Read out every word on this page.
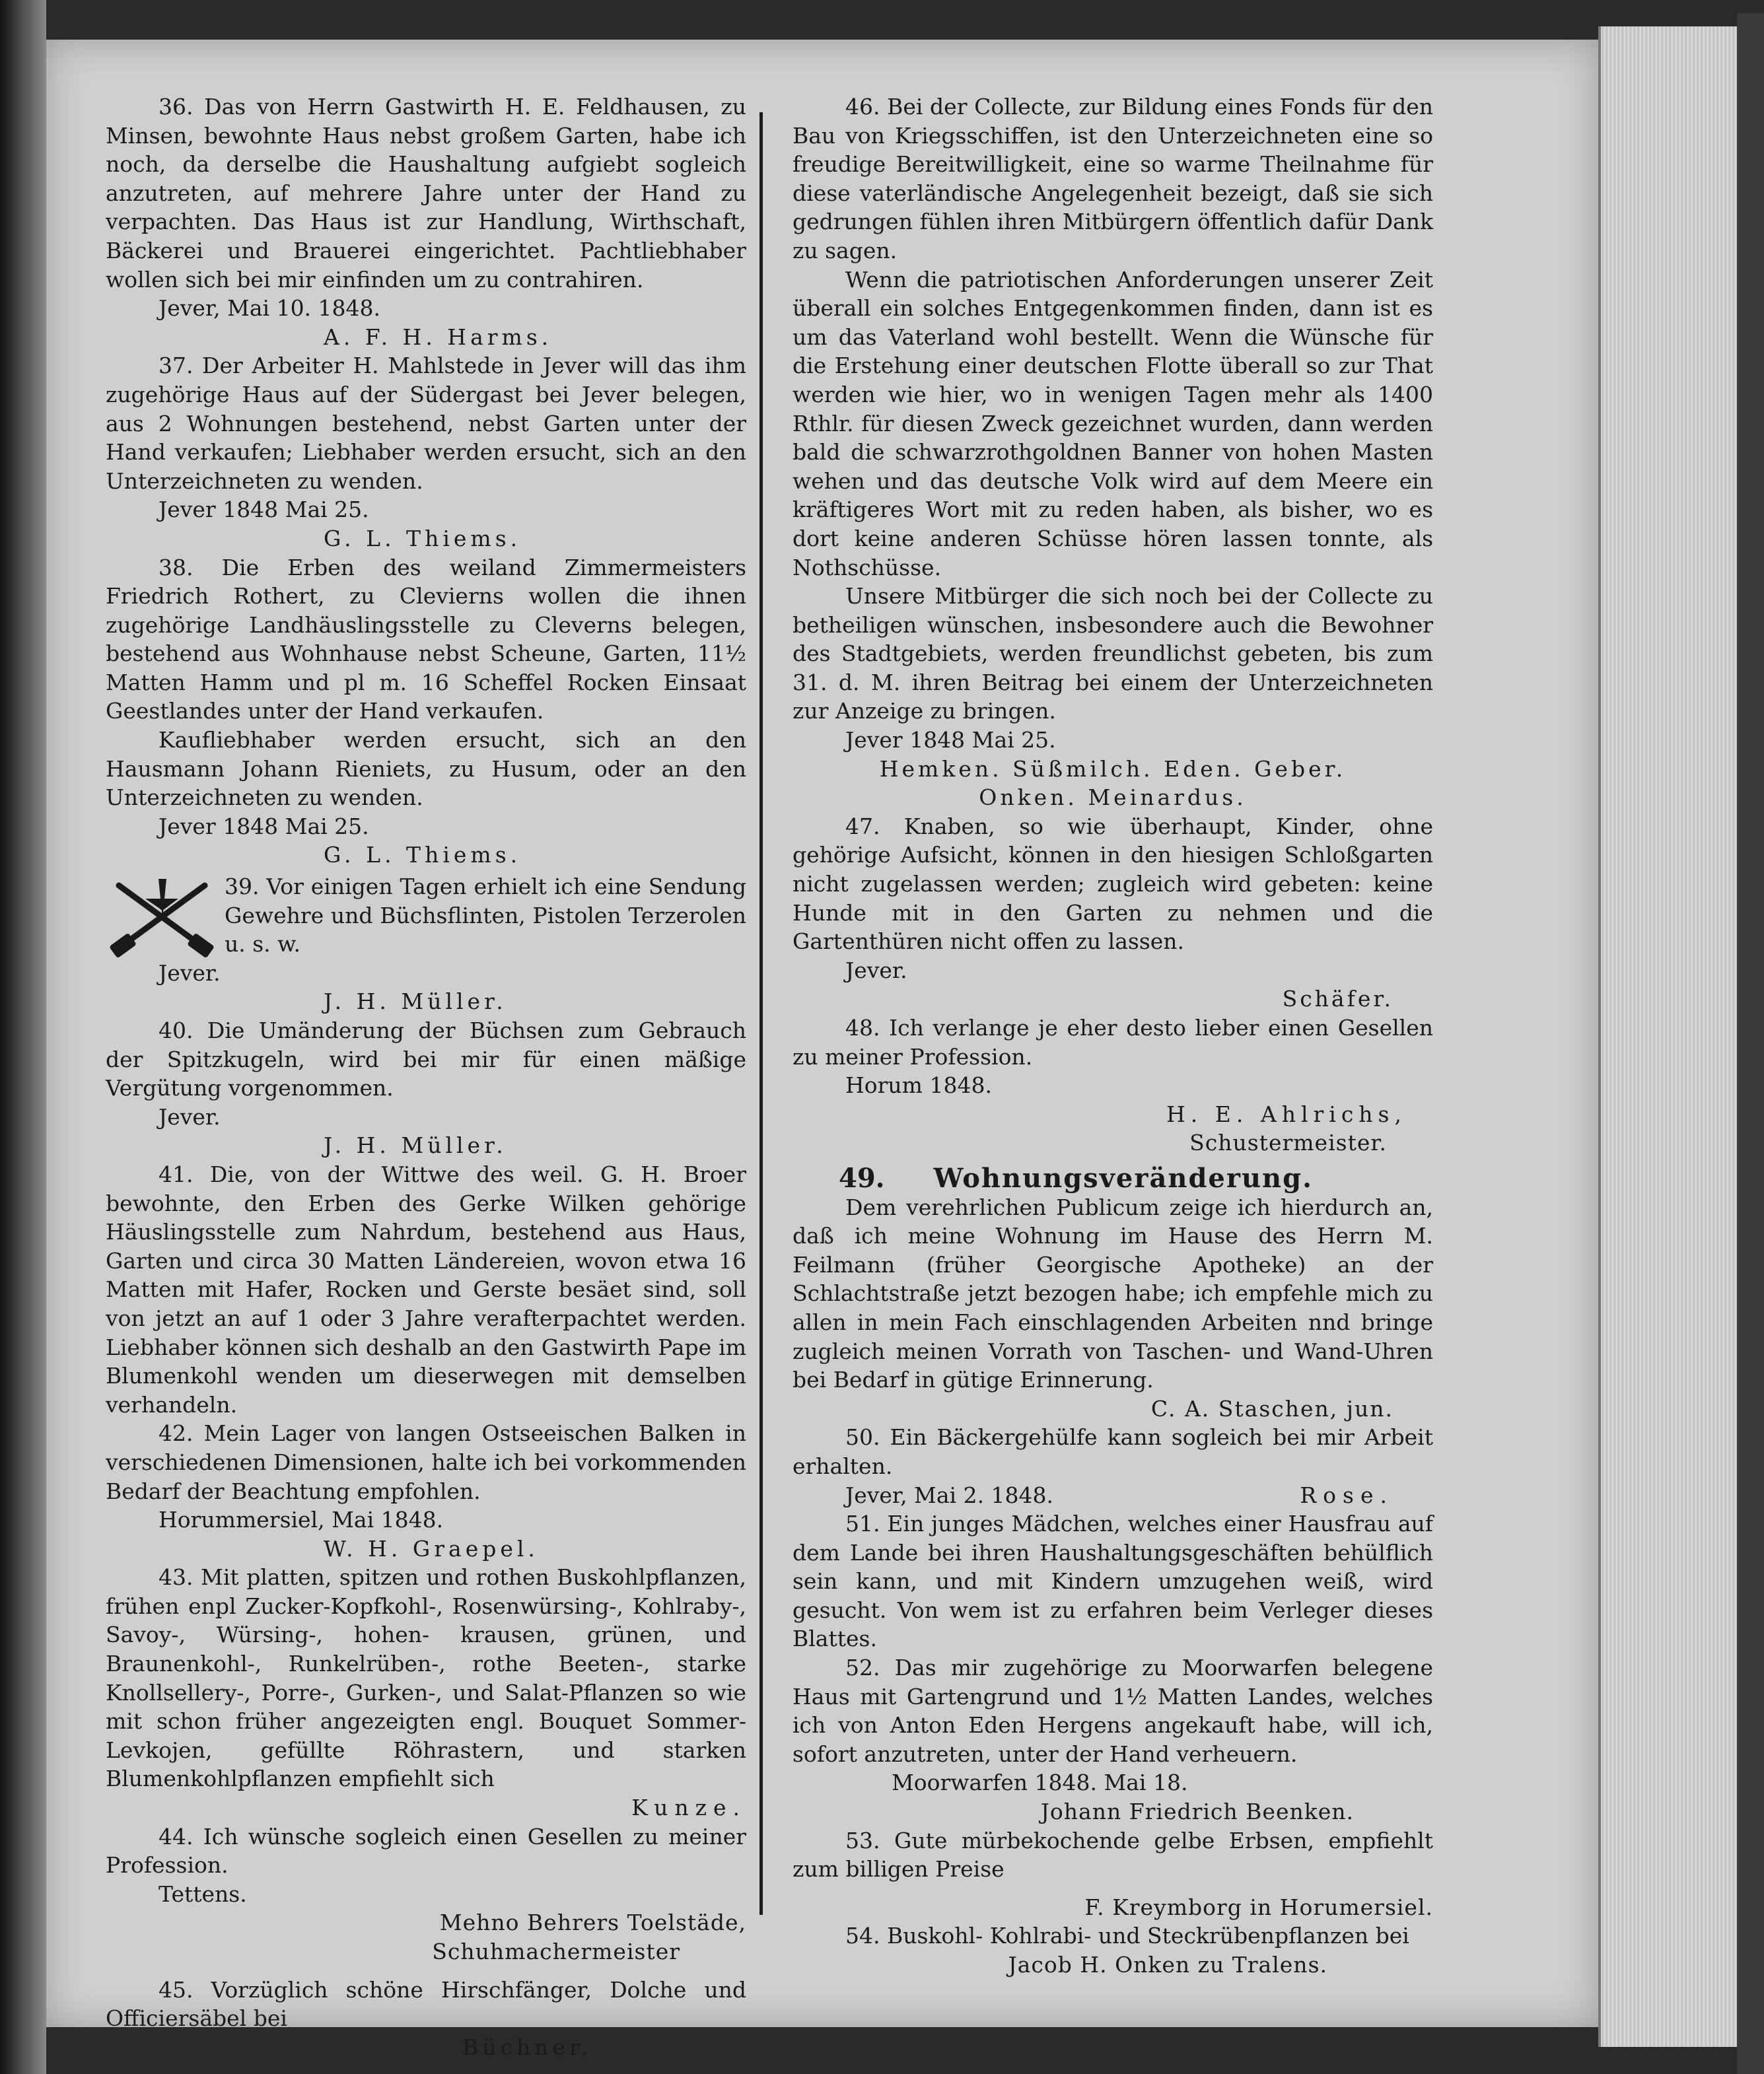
36. Das von Herrn Gastwirth H. E. Feldhausen, zu Minsen, bewohnte Haus nebst großem Garten, habe ich noch, da derselbe die Haushaltung aufgiebt sogleich anzutreten, auf mehrere Jahre unter der Hand zu verpachten. Das Haus ist zur Handlung, Wirthschaft, Bäckerei und Brauerei eingerichtet. Pachtliebhaber wollen sich bei mir einfinden um zu contrahiren.

Jever, Mai 10. 1848.

A. F. H. Harms.

37. Der Arbeiter H. Mahlstede in Jever will das ihm zugehörige Haus auf der Südergast bei Jever belegen, aus 2 Wohnungen bestehend, nebst Garten unter der Hand verkaufen; Liebhaber werden ersucht, sich an den Unterzeichneten zu wenden.

Jever 1848 Mai 25.

G. L. Thiems.

38. Die Erben des weiland Zimmermeisters Friedrich Rothert, zu Clevierns wollen die ihnen zugehörige Landhäuslingsstelle zu Cleverns belegen, bestehend aus Wohnhause nebst Scheune, Garten, 11½ Matten Hamm und pl m. 16 Scheffel Rocken Einsaat Geestlandes unter der Hand verkaufen.

Kaufliebhaber werden ersucht, sich an den Hausmann Johann Rieniets, zu Husum, oder an den Unterzeichneten zu wenden.

Jever 1848 Mai 25.

G. L. Thiems.

39. Vor einigen Tagen erhielt ich eine Sendung Gewehre und Büchsflinten, Pistolen Terzerolen u. s. w.

Jever.

J. H. Müller.

40. Die Umänderung der Büchsen zum Gebrauch der Spitzkugeln, wird bei mir für einen mäßige Vergütung vorgenommen.

Jever.

J. H. Müller.

41. Die, von der Wittwe des weil. G. H. Broer bewohnte, den Erben des Gerke Wilken gehörige Häuslingsstelle zum Nahrdum, bestehend aus Haus, Garten und circa 30 Matten Ländereien, wovon etwa 16 Matten mit Hafer, Rocken und Gerste besäet sind, soll von jetzt an auf 1 oder 3 Jahre verafterpachtet werden. Liebhaber können sich deshalb an den Gastwirth Pape im Blumenkohl wenden um dieserwegen mit demselben verhandeln.

42. Mein Lager von langen Ostseeischen Balken in verschiedenen Dimensionen, halte ich bei vorkommenden Bedarf der Beachtung empfohlen.

Horummersiel, Mai 1848.

W. H. Graepel.

43. Mit platten, spitzen und rothen Buskohlpflanzen, frühen enpl Zucker-Kopfkohl-, Rosenwürsing-, Kohlraby-, Savoy-, Würsing-, hohen- krausen, grünen, und Braunenkohl-, Runkelrüben-, rothe Beeten-, starke Knollsellery-, Porre-, Gurken-, und Salat-Pflanzen so wie mit schon früher angezeigten engl. Bouquet Sommer-Levkojen, gefüllte Röhrastern, und starken Blumenkohlpflanzen empfiehlt sich

Kunze.

44. Ich wünsche sogleich einen Gesellen zu meiner Profession.

Tettens.

Mehno Behrers Toelstäde,

Schuhmachermeister

45. Vorzüglich schöne Hirschfänger, Dolche und Officiersäbel bei

Büchner.

46. Bei der Collecte, zur Bildung eines Fonds für den Bau von Kriegsschiffen, ist den Unterzeichneten eine so freudige Bereitwilligkeit, eine so warme Theilnahme für diese vaterländische Angelegenheit bezeigt, daß sie sich gedrungen fühlen ihren Mitbürgern öffentlich dafür Dank zu sagen.

Wenn die patriotischen Anforderungen unserer Zeit überall ein solches Entgegenkommen finden, dann ist es um das Vaterland wohl bestellt. Wenn die Wünsche für die Erstehung einer deutschen Flotte überall so zur That werden wie hier, wo in wenigen Tagen mehr als 1400 Rthlr. für diesen Zweck gezeichnet wurden, dann werden bald die schwarzrothgoldnen Banner von hohen Masten wehen und das deutsche Volk wird auf dem Meere ein kräftigeres Wort mit zu reden haben, als bisher, wo es dort keine anderen Schüsse hören lassen tonnte, als Nothschüsse.

Unsere Mitbürger die sich noch bei der Collecte zu betheiligen wünschen, insbesondere auch die Bewohner des Stadtgebiets, werden freundlichst gebeten, bis zum 31. d. M. ihren Beitrag bei einem der Unterzeichneten zur Anzeige zu bringen.

Jever 1848 Mai 25.

Hemken. Süßmilch. Eden. Geber.

Onken. Meinardus.

47. Knaben, so wie überhaupt, Kinder, ohne gehörige Aufsicht, können in den hiesigen Schloßgarten nicht zugelassen werden; zugleich wird gebeten: keine Hunde mit in den Garten zu nehmen und die Gartenthüren nicht offen zu lassen.

Jever.

Schäfer.

48. Ich verlange je eher desto lieber einen Gesellen zu meiner Profession.

Horum 1848.

H. E. Ahlrichs,

Schustermeister.

49. Wohnungsveränderung.

Dem verehrlichen Publicum zeige ich hierdurch an, daß ich meine Wohnung im Hause des Herrn M. Feilmann (früher Georgische Apotheke) an der Schlachtstraße jetzt bezogen habe; ich empfehle mich zu allen in mein Fach einschlagenden Arbeiten nnd bringe zugleich meinen Vorrath von Taschen- und Wand-Uhren bei Bedarf in gütige Erinnerung.

C. A. Staschen, jun.

50. Ein Bäckergehülfe kann sogleich bei mir Arbeit erhalten.

Jever, Mai 2. 1848.	Rose.

51. Ein junges Mädchen, welches einer Hausfrau auf dem Lande bei ihren Haushaltungsgeschäften behülflich sein kann, und mit Kindern umzugehen weiß, wird gesucht. Von wem ist zu erfahren beim Verleger dieses Blattes.

52. Das mir zugehörige zu Moorwarfen belegene Haus mit Gartengrund und 1½ Matten Landes, welches ich von Anton Eden Hergens angekauft habe, will ich, sofort anzutreten, unter der Hand verheuern.

Moorwarfen 1848. Mai 18.

Johann Friedrich Beenken.

53. Gute mürbekochende gelbe Erbsen, empfiehlt zum billigen Preise

F. Kreymborg in Horumersiel.

54. Buskohl- Kohlrabi- und Steckrübenpflanzen bei

Jacob H. Onken zu Tralens.
